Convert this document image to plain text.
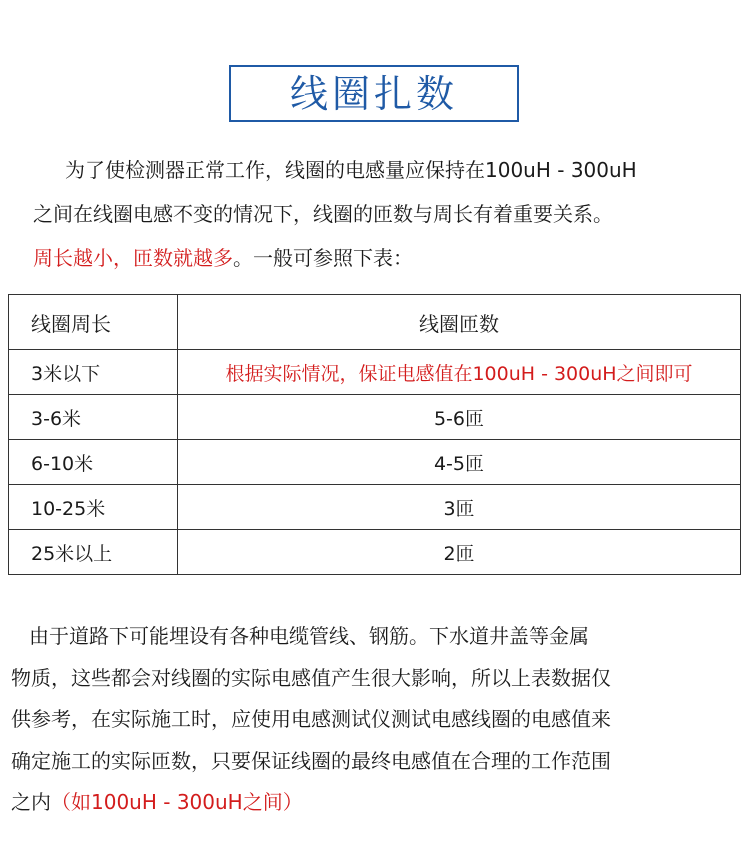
线圈扎数
为了使检测器正常工作，线圈的电感量应保持在100uH - 300uH
之间在线圈电感不变的情况下，线圈的匝数与周长有着重要关系。
周长越小，匝数就越多。一般可参照下表：
线圈周长	线圈匝数
3米以下	根据实际情况，保证电感值在100uH - 300uH之间即可
3-6米	5-6匝
6-10米	4-5匝
10-25米	3匝
25米以上	2匝
由于道路下可能埋设有各种电缆管线、钢筋。下水道井盖等金属
物质，这些都会对线圈的实际电感值产生很大影响，所以上表数据仅
供参考，在实际施工时，应使用电感测试仪测试电感线圈的电感值来
确定施工的实际匝数，只要保证线圈的最终电感值在合理的工作范围
之内（如100uH - 300uH之间）
